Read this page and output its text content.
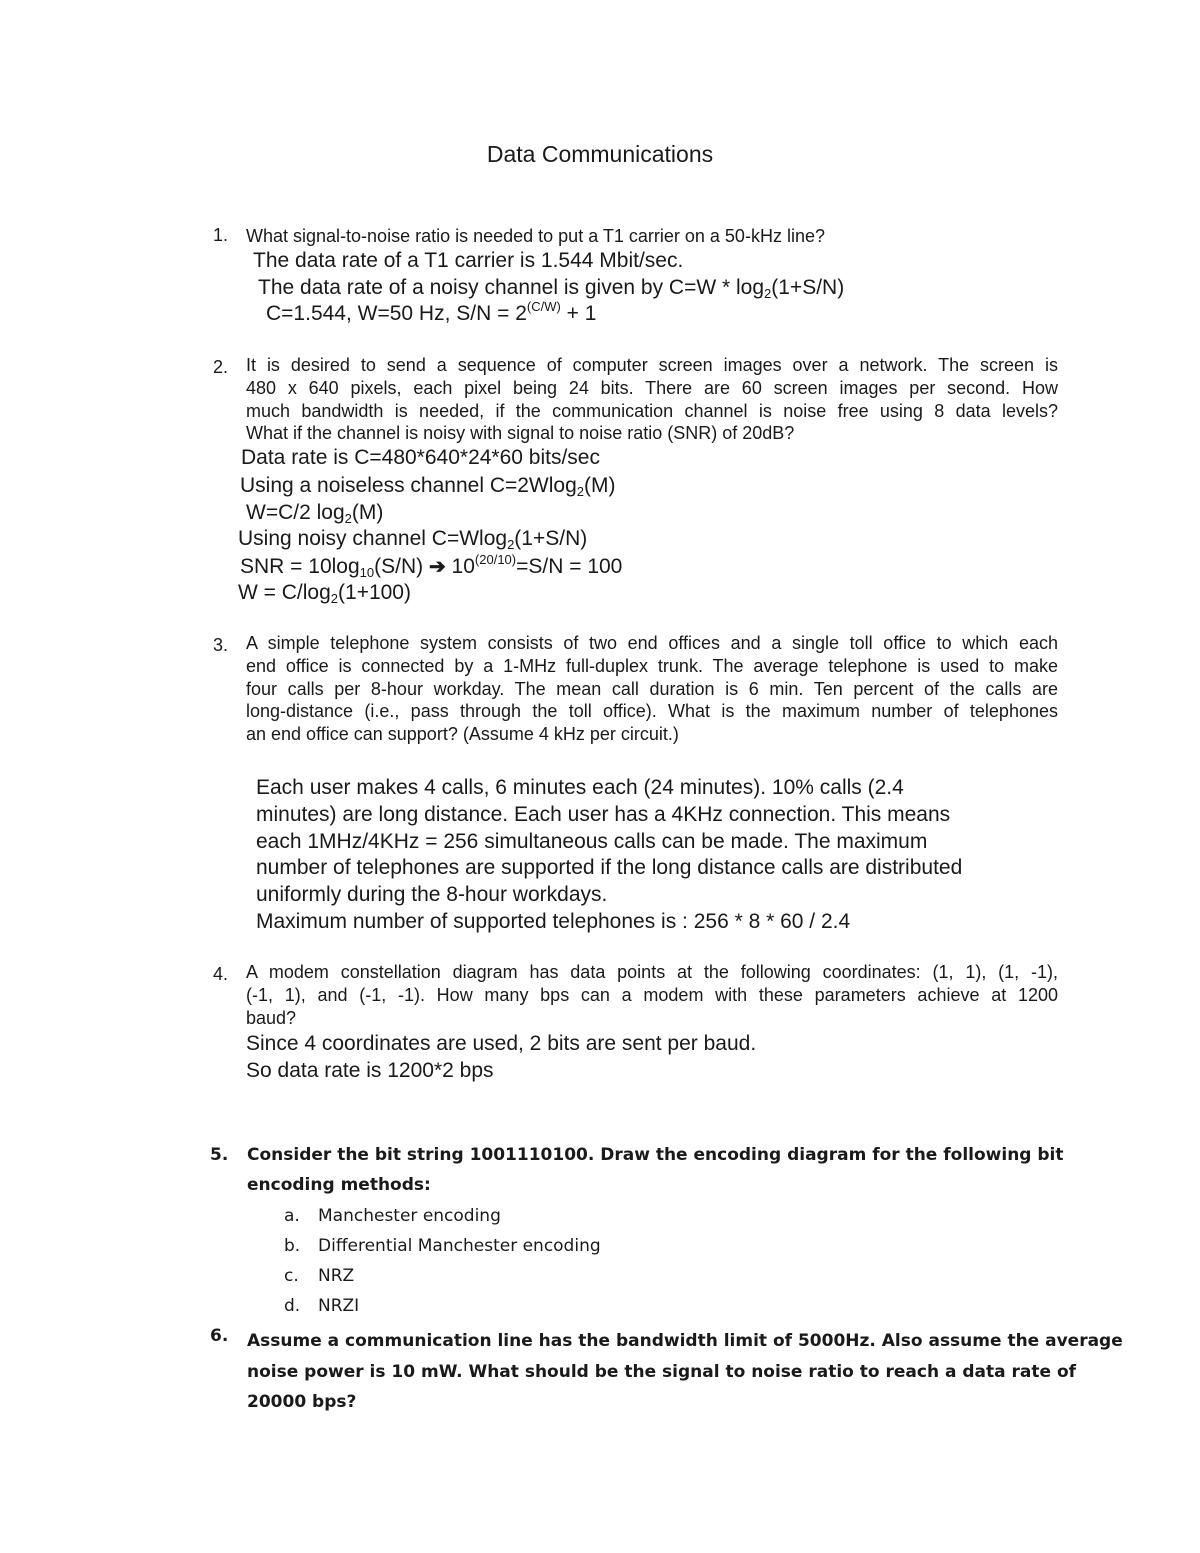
Data Communications
1. What signal-to-noise ratio is needed to put a T1 carrier on a 50-kHz line?
The data rate of a T1 carrier is 1.544 Mbit/sec.
The data rate of a noisy channel is given by $C=W * \log_2(1+S/N)$
C=1.544, W=50 Hz, $S/N = 2^{(C/W)} + 1$
2. It is desired to send a sequence of computer screen images over a network. The screen is
480 x 640 pixels, each pixel being 24 bits. There are 60 screen images per second. How
much bandwidth is needed, if the communication channel is noise free using 8 data levels?
What if the channel is noisy with signal to noise ratio (SNR) of 20dB?
Data rate is C=480*640*24*60 bits/sec
Using a noiseless channel C=2Wlog$_2$(M)
W=C/2 $\log_2(M)$
Using noisy channel C=Wlog$_2$(1+S/N)
SNR = $10\log_{10}(S/N)$ ➔ $10^{(20/10)}=S/N = 100$
$W = C/\log_2(1+100)$
3. A simple telephone system consists of two end offices and a single toll office to which each
end office is connected by a 1-MHz full-duplex trunk. The average telephone is used to make
four calls per 8-hour workday. The mean call duration is 6 min. Ten percent of the calls are
long-distance (i.e., pass through the toll office). What is the maximum number of telephones
an end office can support? (Assume 4 kHz per circuit.)
Each user makes 4 calls, 6 minutes each (24 minutes). 10% calls (2.4
minutes) are long distance. Each user has a 4KHz connection. This means
each 1MHz/4KHz = 256 simultaneous calls can be made. The maximum
number of telephones are supported if the long distance calls are distributed
uniformly during the 8-hour workdays.
Maximum number of supported telephones is : 256 * 8 * 60 / 2.4
4. A modem constellation diagram has data points at the following coordinates: (1, 1), (1, -1),
(-1, 1), and (-1, -1). How many bps can a modem with these parameters achieve at 1200
baud?
Since 4 coordinates are used, 2 bits are sent per baud.
So data rate is 1200*2 bps
5. Consider the bit string 1001110100. Draw the encoding diagram for the following bit
encoding methods:
a. Manchester encoding
b. Differential Manchester encoding
c. NRZ
d. NRZI
6. Assume a communication line has the bandwidth limit of 5000Hz. Also assume the average
noise power is 10 mW. What should be the signal to noise ratio to reach a data rate of
20000 bps?
